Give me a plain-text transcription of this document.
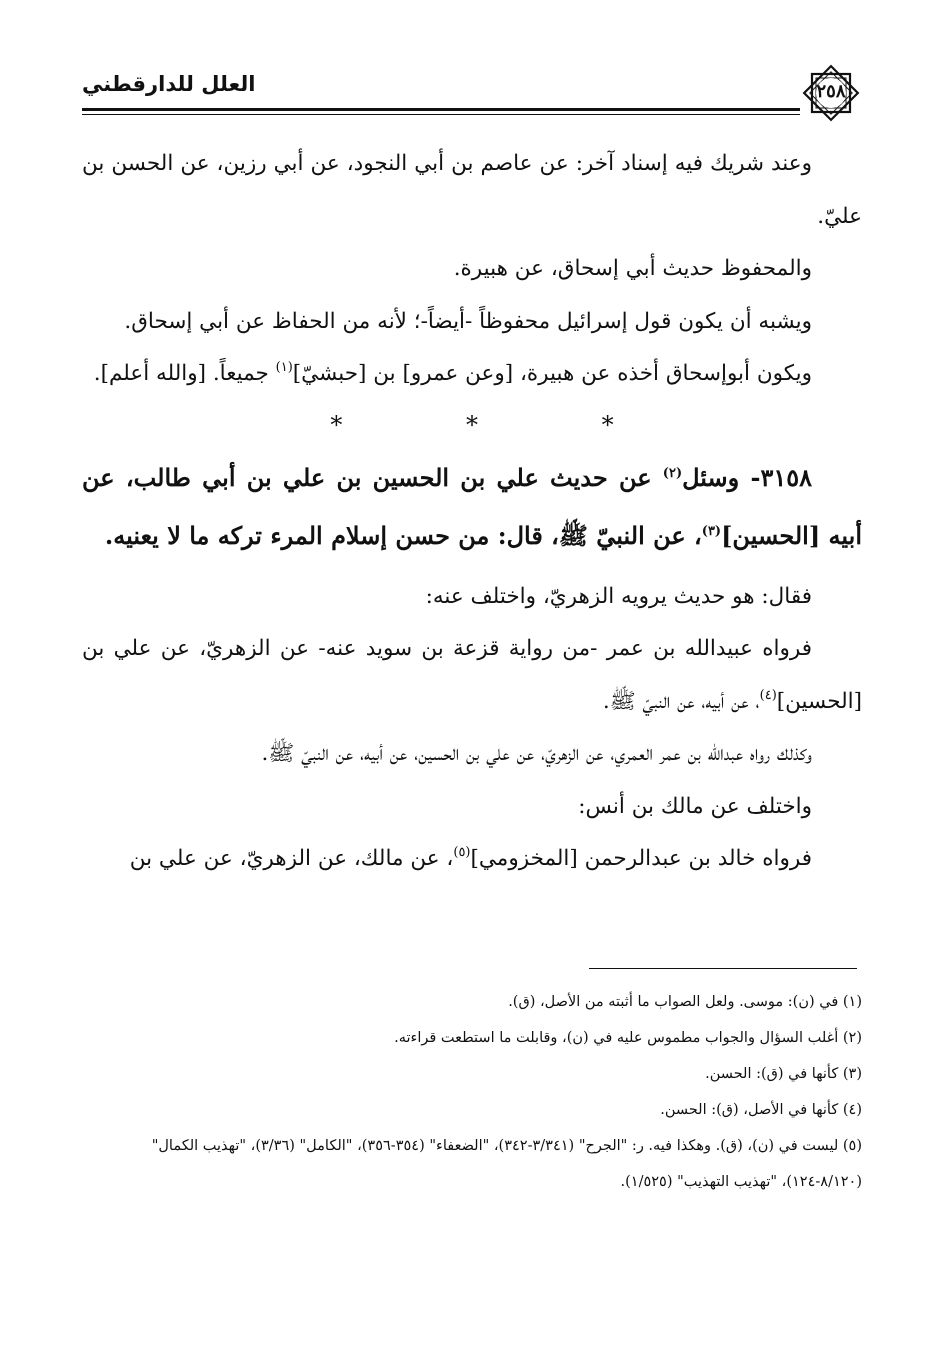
العلل للدارقطني	٢٥٨

وعند شريك فيه إسناد آخر: عن عاصم بن أبي النجود، عن أبي رزين، عن الحسن بن عليّ.

والمحفوظ حديث أبي إسحاق، عن هبيرة.

ويشبه أن يكون قول إسرائيل محفوظاً -أيضاً-؛ لأنه من الحفاظ عن أبي إسحاق.

ويكون أبوإسحاق أخذه عن هبيرة، [وعن عمرو] بن [حبشيّ]$^{(١)}$ جميعاً. [والله أعلم].

* * *

٣١٥٨- وسئل$^{(٢)}$ عن حديث علي بن الحسين بن علي بن أبي طالب، عن أبيه [الحسين]$^{(٣)}$، عن النبيّ ﷺ، قال: من حسن إسلام المرء تركه ما لا يعنيه.

فقال: هو حديث يرويه الزهريّ، واختلف عنه:

فرواه عبيدالله بن عمر -من رواية قزعة بن سويد عنه- عن الزهريّ، عن علي بن [الحسين]$^{(٤)}$، عن أبيه، عن النبيّ ﷺ.

وكذلك رواه عبدالله بن عمر العمري، عن الزهريّ، عن علي بن الحسين، عن أبيه، عن النبيّ ﷺ.

واختلف عن مالك بن أنس:

فرواه خالد بن عبدالرحمن [المخزومي]$^{(٥)}$، عن مالك، عن الزهريّ، عن علي بن

(١) في (ن): موسى. ولعل الصواب ما أثبته من الأصل، (ق).

(٢) أغلب السؤال والجواب مطموس عليه في (ن)، وقابلت ما استطعت قراءته.

(٣) كأنها في (ق): الحسن.

(٤) كأنها في الأصل، (ق): الحسن.

(٥) ليست في (ن)، (ق). وهكذا فيه. ر: "الجرح" (٣/٣٤١-٣٤٢)، "الضعفاء" (٣٥٤-٣٥٦)، "الكامل" (٣/٣٦)، "تهذيب الكمال" (٨/١٢٠-١٢٤)، "تهذيب التهذيب" (١/٥٢٥).
